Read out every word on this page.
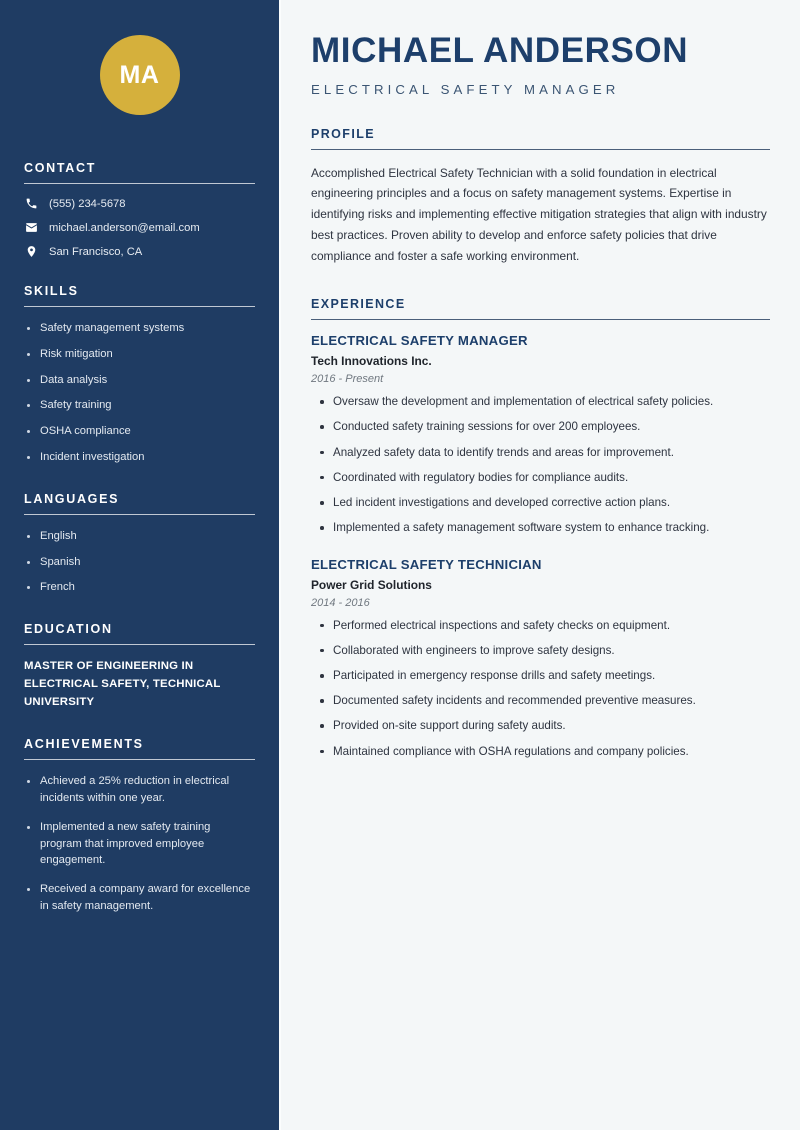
MA
CONTACT
(555) 234-5678
michael.anderson@email.com
San Francisco, CA
SKILLS
Safety management systems
Risk mitigation
Data analysis
Safety training
OSHA compliance
Incident investigation
LANGUAGES
English
Spanish
French
EDUCATION
MASTER OF ENGINEERING IN ELECTRICAL SAFETY, TECHNICAL UNIVERSITY
ACHIEVEMENTS
Achieved a 25% reduction in electrical incidents within one year.
Implemented a new safety training program that improved employee engagement.
Received a company award for excellence in safety management.
MICHAEL ANDERSON
ELECTRICAL SAFETY MANAGER
PROFILE

Accomplished Electrical Safety Technician with a solid foundation in electrical engineering principles and a focus on safety management systems. Expertise in identifying risks and implementing effective mitigation strategies that align with industry best practices. Proven ability to develop and enforce safety policies that drive compliance and foster a safe working environment.

EXPERIENCE
ELECTRICAL SAFETY MANAGER
Tech Innovations Inc.
2016 - Present
Oversaw the development and implementation of electrical safety policies.
Conducted safety training sessions for over 200 employees.
Analyzed safety data to identify trends and areas for improvement.
Coordinated with regulatory bodies for compliance audits.
Led incident investigations and developed corrective action plans.
Implemented a safety management software system to enhance tracking.
ELECTRICAL SAFETY TECHNICIAN
Power Grid Solutions
2014 - 2016
Performed electrical inspections and safety checks on equipment.
Collaborated with engineers to improve safety designs.
Participated in emergency response drills and safety meetings.
Documented safety incidents and recommended preventive measures.
Provided on-site support during safety audits.
Maintained compliance with OSHA regulations and company policies.
